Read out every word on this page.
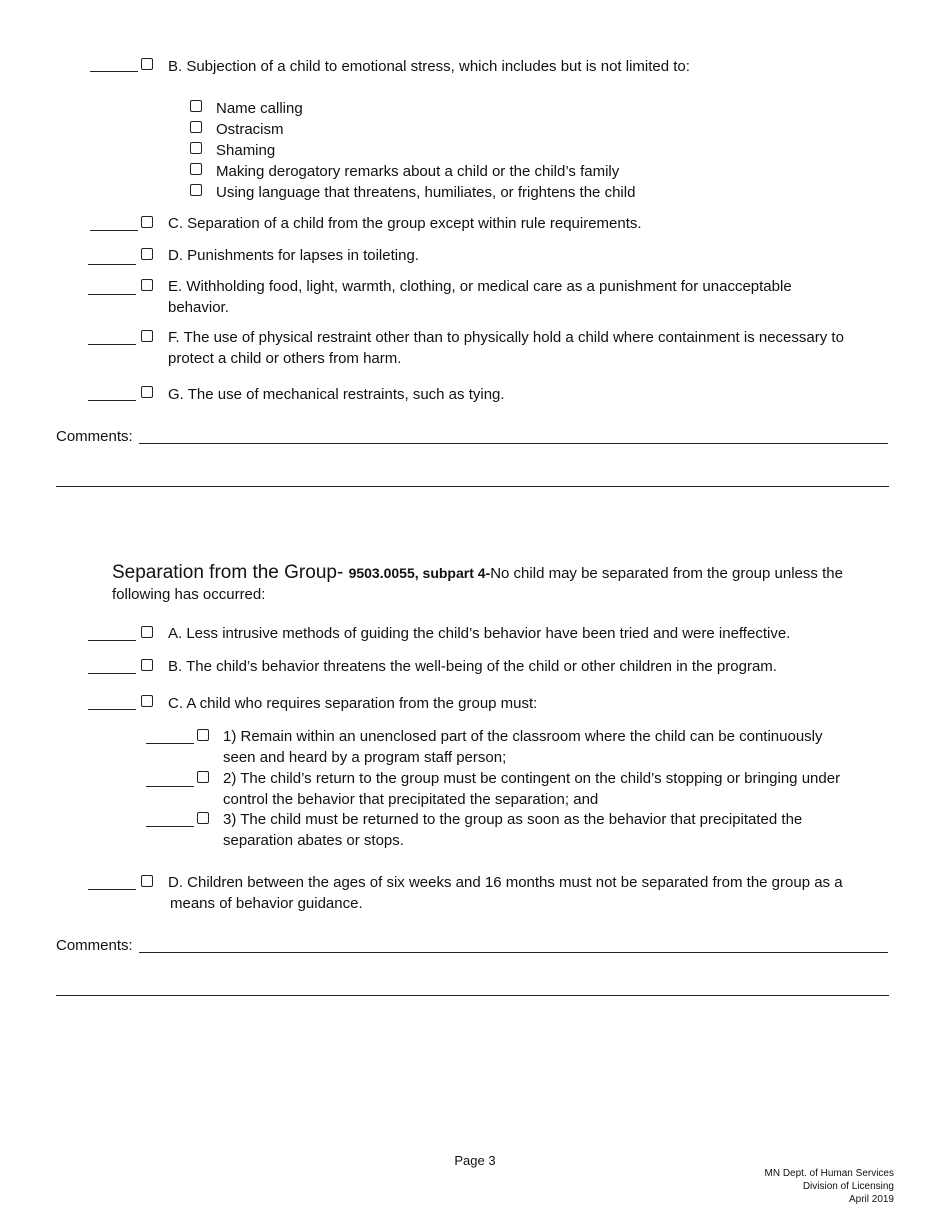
B. Subjection of a child to emotional stress, which includes but is not limited to:
Name calling
Ostracism
Shaming
Making derogatory remarks about a child or the child’s family
Using language that threatens, humiliates, or frightens the child
C. Separation of a child from the group except within rule requirements.
D. Punishments for lapses in toileting.
E. Withholding food, light, warmth, clothing, or medical care as a punishment for unacceptable
behavior.
F. The use of physical restraint other than to physically hold a child where containment is necessary to
protect a child or others from harm.
G. The use of mechanical restraints, such as tying.
Comments:
Separation from the Group- 9503.0055, subpart 4-No child may be separated from the group unless the
following has occurred:
A. Less intrusive methods of guiding the child’s behavior have been tried and were ineffective.
B. The child’s behavior threatens the well-being of the child or other children in the program.
C. A child who requires separation from the group must:
1) Remain within an unenclosed part of the classroom where the child can be continuously
seen and heard by a program staff person;
2) The child’s return to the group must be contingent on the child’s stopping or bringing under
control the behavior that precipitated the separation; and
3) The child must be returned to the group as soon as the behavior that precipitated the
separation abates or stops.
D. Children between the ages of six weeks and 16 months must not be separated from the group as a
means of behavior guidance.
Comments:
Page 3
MN Dept. of Human Services
Division of Licensing
April 2019
